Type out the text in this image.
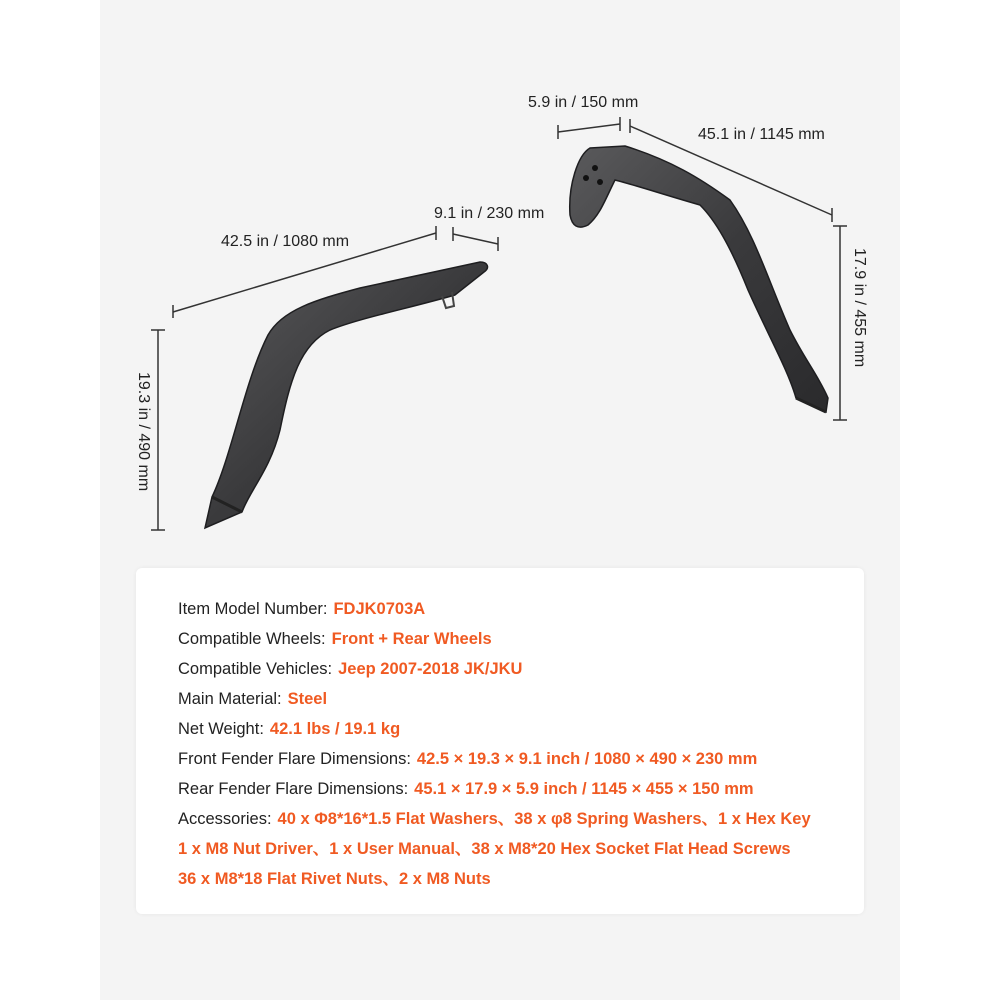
42.5 in / 1080 mm
9.1 in / 230 mm
19.3 in / 490 mm
5.9 in / 150 mm
45.1 in / 1145 mm
17.9 in / 455 mm
Item Model Number: FDJK0703A
Compatible Wheels: Front + Rear Wheels
Compatible Vehicles: Jeep 2007-2018 JK/JKU
Main Material: Steel
Net Weight: 42.1 lbs / 19.1 kg
Front Fender Flare Dimensions: 42.5 × 19.3 × 9.1 inch / 1080 × 490 × 230 mm
Rear Fender Flare Dimensions: 45.1 × 17.9 × 5.9 inch / 1145 × 455 × 150 mm
Accessories: 40 x Φ8*16*1.5 Flat Washers、38 x φ8 Spring Washers、1 x Hex Key
1 x M8 Nut Driver、1 x User Manual、38 x M8*20 Hex Socket Flat Head Screws
36 x M8*18 Flat Rivet Nuts、2 x M8 Nuts
